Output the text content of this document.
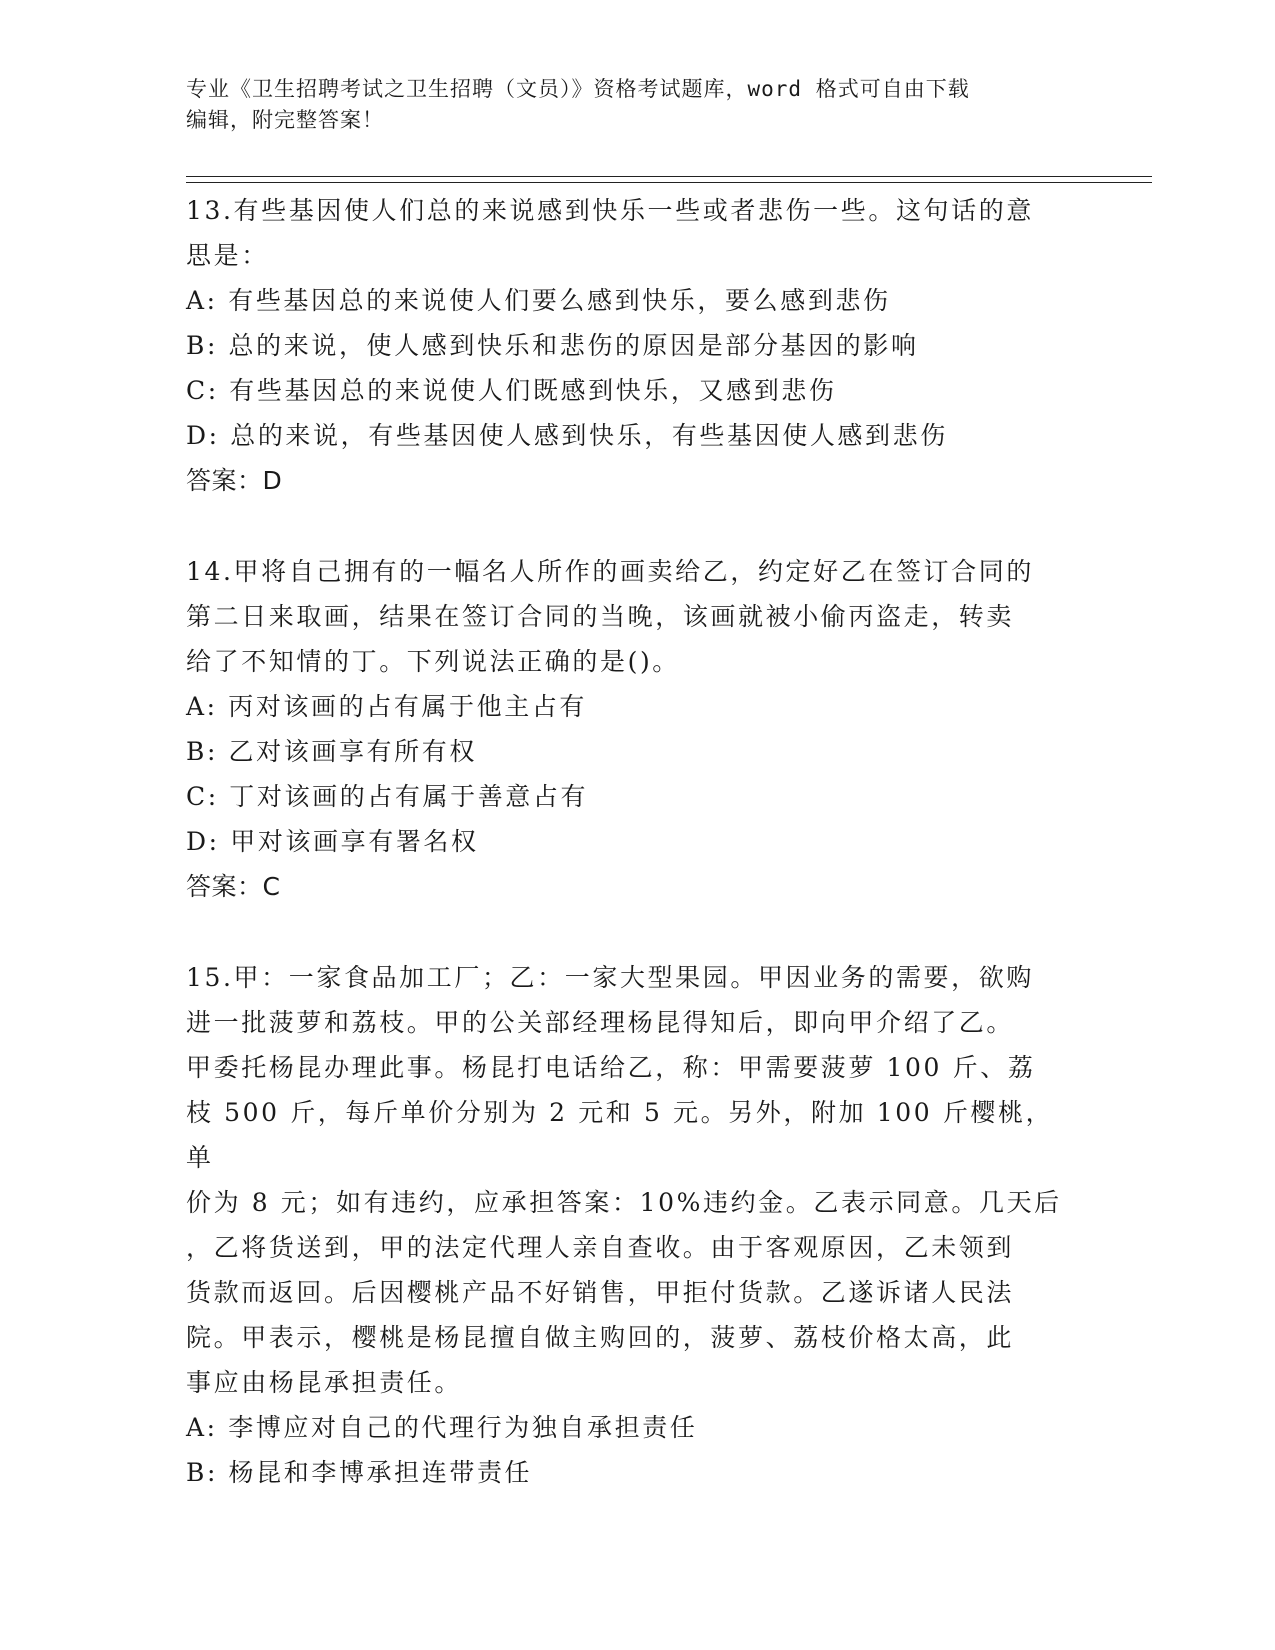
专业《卫生招聘考试之卫生招聘（文员）》资格考试题库，word 格式可自由下载
编辑，附完整答案！

13.有些基因使人们总的来说感到快乐一些或者悲伤一些。这句话的意

思是：

A: 有些基因总的来说使人们要么感到快乐，要么感到悲伤

B: 总的来说，使人感到快乐和悲伤的原因是部分基因的影响

C: 有些基因总的来说使人们既感到快乐，又感到悲伤

D: 总的来说，有些基因使人感到快乐，有些基因使人感到悲伤

答案：D

14.甲将自己拥有的一幅名人所作的画卖给乙，约定好乙在签订合同的

第二日来取画，结果在签订合同的当晚，该画就被小偷丙盗走，转卖

给了不知情的丁。下列说法正确的是()。

A: 丙对该画的占有属于他主占有

B: 乙对该画享有所有权

C: 丁对该画的占有属于善意占有

D: 甲对该画享有署名权

答案：C

15.甲：一家食品加工厂；乙：一家大型果园。甲因业务的需要，欲购

进一批菠萝和荔枝。甲的公关部经理杨昆得知后，即向甲介绍了乙。

甲委托杨昆办理此事。杨昆打电话给乙，称：甲需要菠萝 100 斤、荔

枝 500 斤，每斤单价分别为 2 元和 5 元。另外，附加 100 斤樱桃，单

价为 8 元；如有违约，应承担答案：10%违约金。乙表示同意。几天后

，乙将货送到，甲的法定代理人亲自查收。由于客观原因，乙未领到

货款而返回。后因樱桃产品不好销售，甲拒付货款。乙遂诉诸人民法

院。甲表示，樱桃是杨昆擅自做主购回的，菠萝、荔枝价格太高，此

事应由杨昆承担责任。

A: 李博应对自己的代理行为独自承担责任

B: 杨昆和李博承担连带责任
